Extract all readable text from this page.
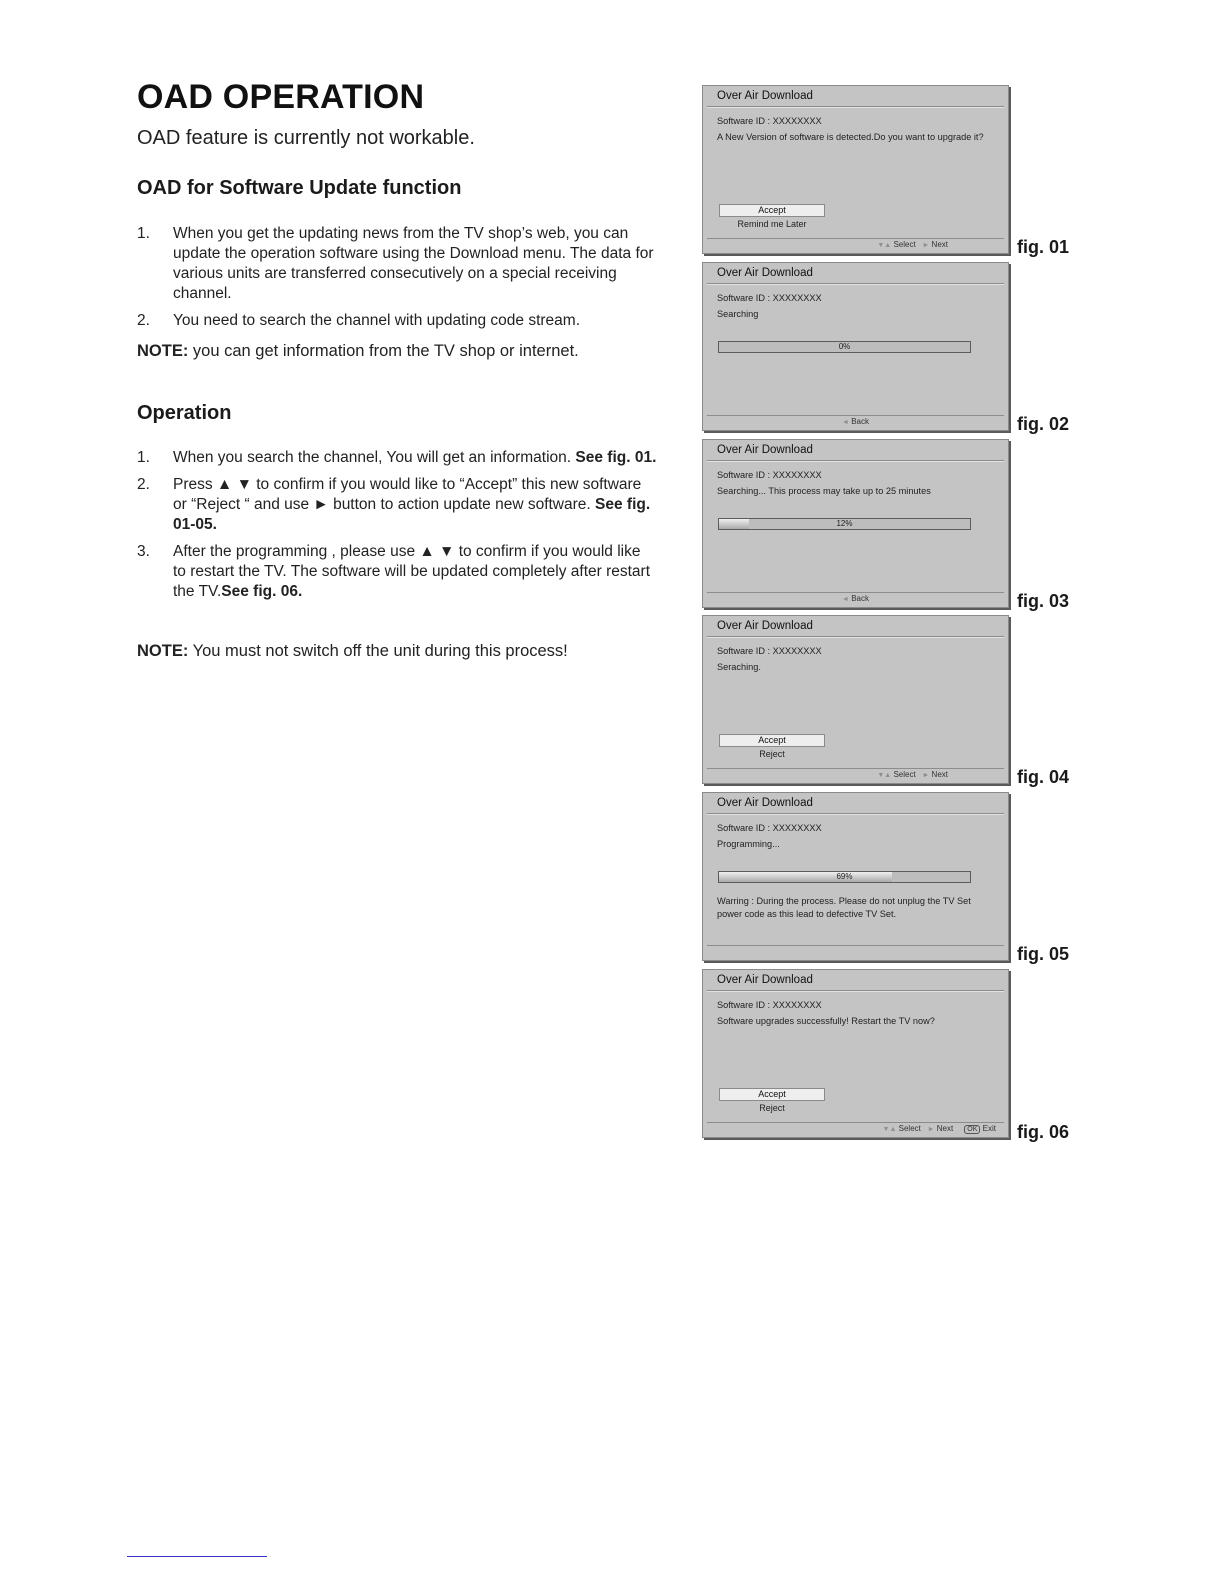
OAD OPERATION

OAD feature is currently not workable.

OAD for Software Update function
1. When you get the updating news from the TV shop’s web, you can update the operation software using the Download menu. The data for various units are transferred consecutively on a special receiving channel.
2. You need to search the channel with updating code stream.

NOTE: you can get information from the TV shop or internet.

Operation
1. When you search the channel, You will get an information. See fig. 01.
2. Press ▲ ▼ to confirm if you would like to “Accept” this new software or “Reject “ and use ► button to action update new software. See fig. 01-05.
3. After the programming , please use ▲ ▼ to confirm if you would like to restart the TV. The software will be updated completely after restart the TV.See fig. 06.

NOTE: You must not switch off the unit during this process!

Over Air Download
Software ID : XXXXXXXX
A New Version of software is detected.Do you want to upgrade it?
Accept
Remind me Later
▼▲ Select ► Next	fig. 01
Over Air Download
Software ID : XXXXXXXX
Searching
0%
◄ Back	fig. 02
Over Air Download
Software ID : XXXXXXXX
Searching... This process may take up to 25 minutes
12%
◄ Back	fig. 03
Over Air Download
Software ID : XXXXXXXX
Seraching.
Accept
Reject
▼▲ Select ► Next	fig. 04
Over Air Download
Software ID : XXXXXXXX
Programming...
69%
Warring : During the process. Please do not unplug the TV Set power code as this lead to defective TV Set.
fig. 05
Over Air Download
Software ID : XXXXXXXX
Software upgrades successfully! Restart the TV now?
Accept
Reject
▼▲ Select ► Next OK Exit fig. 06
